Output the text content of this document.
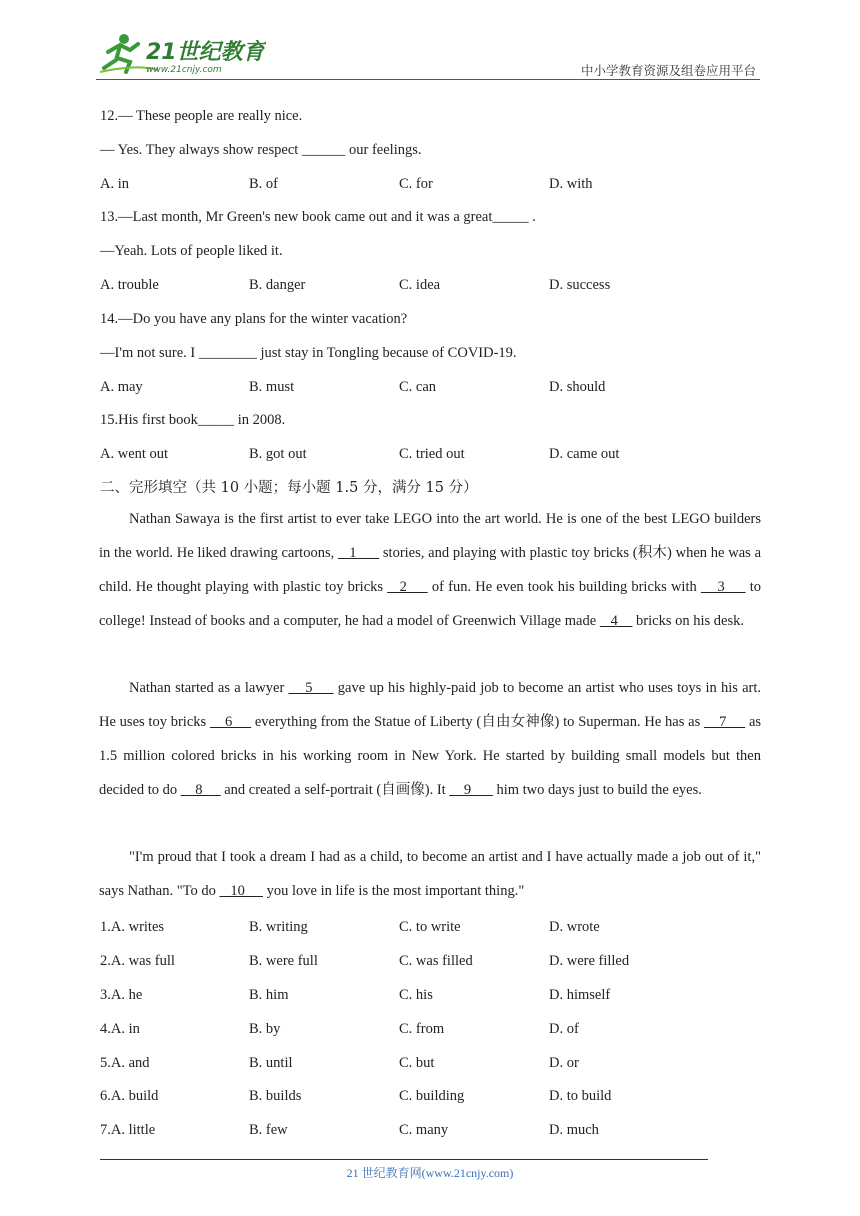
21世纪教育
www.21cnjy.com	中小学教育资源及组卷应用平台
12.— These people are really nice.
— Yes. They always show respect ______ our feelings.
A. in	B. of	C. for	D. with
13.—Last month, Mr Green's new book came out and it was a great_____ .
—Yeah. Lots of people liked it.
A. trouble	B. danger	C. idea	D. success
14.—Do you have any plans for the winter vacation?
—I'm not sure. I ________ just stay in Tongling because of COVID-19.
A. may	B. must	C. can	D. should
15.His first book_____ in 2008.
A. went out	B. got out	C. tried out	D. came out
二、完形填空（共 10 小题；每小题 1.5 分，满分 15 分）
Nathan Sawaya is the first artist to ever take LEGO into the art world. He is one of the best LEGO builders in the world. He liked drawing cartoons,    1       stories, and playing with plastic toy bricks (积木) when he was a child. He thought playing with plastic toy bricks    2      of fun. He even took his building bricks with     3      to college! Instead of books and a computer, he had a model of Greenwich Village made    4     bricks on his desk.
Nathan started as a lawyer     5      gave up his highly-paid job to become an artist who uses toys in his art. He uses toy bricks     6      everything from the Statue of Liberty (自由女神像) to Superman. He has as     7      as 1.5 million colored bricks in his working room in New York. He started by building small models but then decided to do     8      and created a self-portrait (自画像). It     9       him two days just to build the eyes.
"I'm proud that I took a dream I had as a child, to become an artist and I have actually made a job out of it," says Nathan. "To do    10      you love in life is the most important thing."
1.A. writes	B. writing	C. to write	D. wrote
2.A. was full	B. were full	C. was filled	D. were filled
3.A. he	B. him	C. his	D. himself
4.A. in	B. by	C. from	D. of
5.A. and	B. until	C. but	D. or
6.A. build	B. builds	C. building	D. to build
7.A. little	B. few	C. many	D. much
21 世纪教育网(www.21cnjy.com)
